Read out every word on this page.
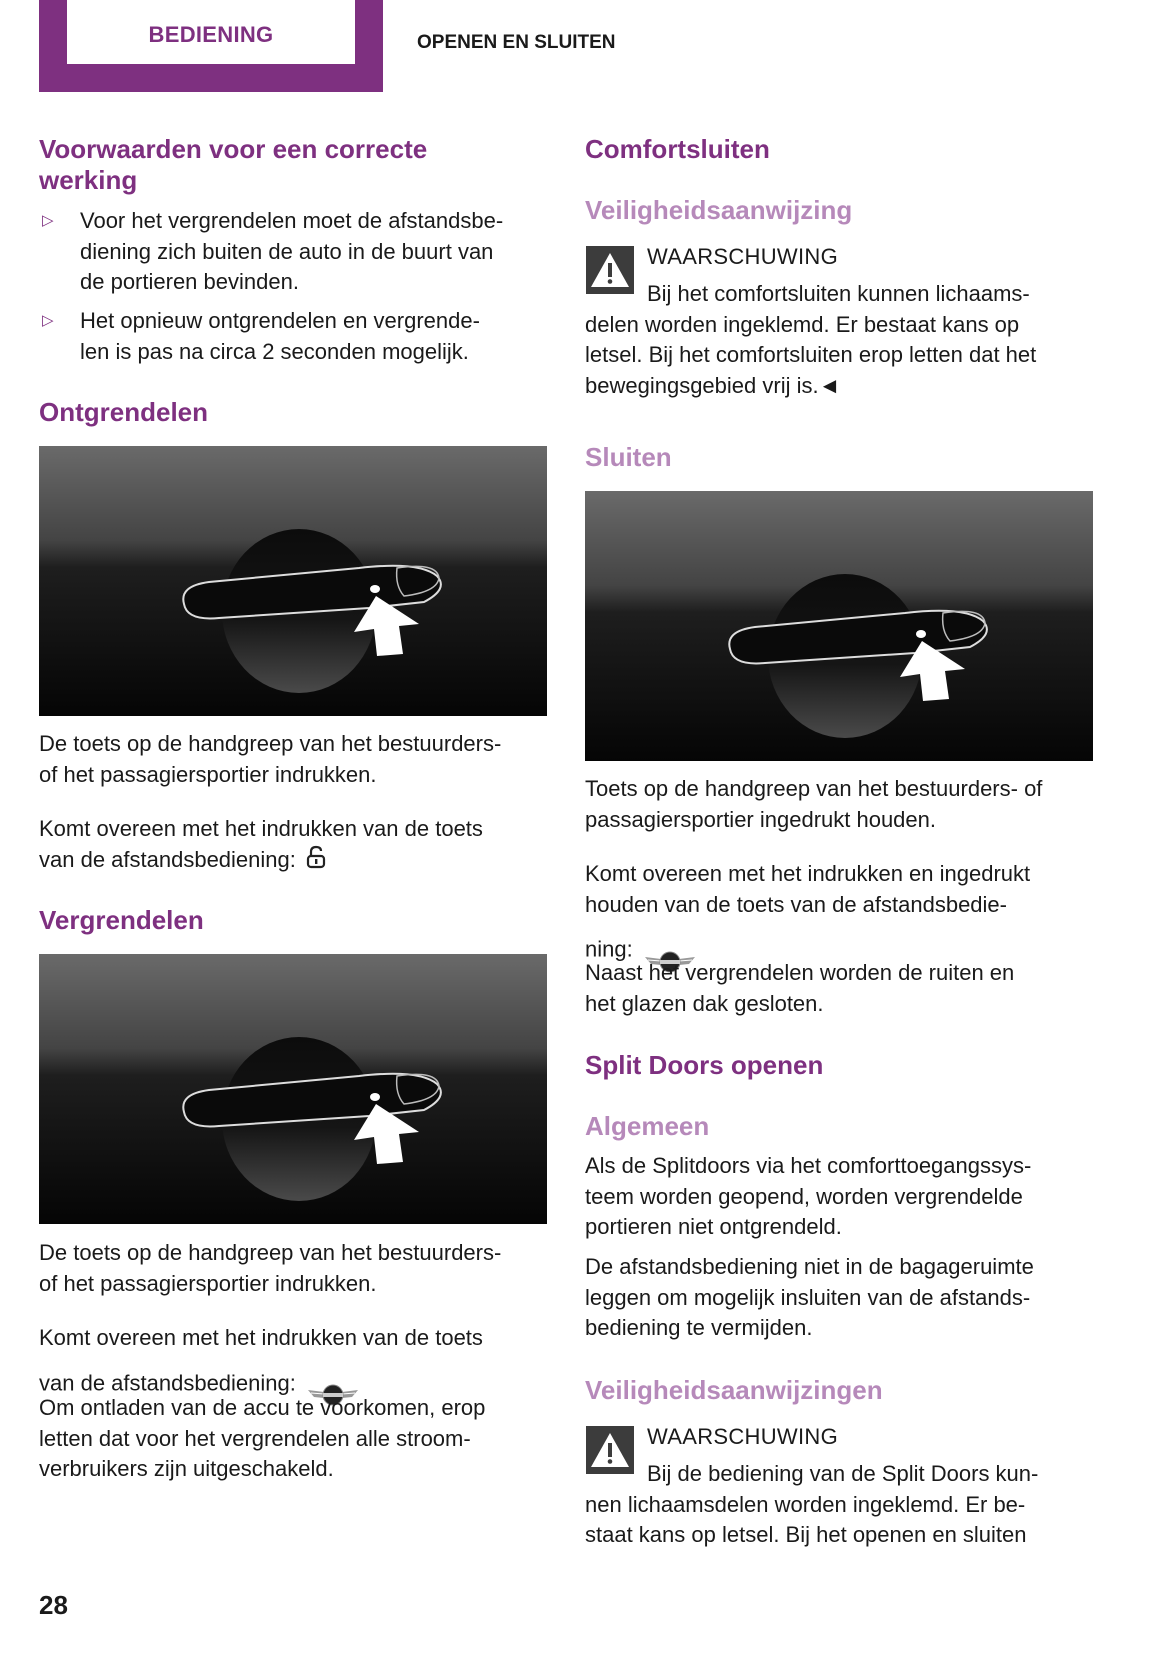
BEDIENING	OPENEN EN SLUITEN
Voorwaarden voor een correcte
werking
▷ Voor het vergrendelen moet de afstandsbe-
diening zich buiten de auto in de buurt van
de portieren bevinden.
▷ Het opnieuw ontgrendelen en vergrende-
len is pas na circa 2 seconden mogelijk.
Ontgrendelen
De toets op de handgreep van het bestuurders-
of het passagiersportier indrukken.
Komt overeen met het indrukken van de toets
van de afstandsbediening:
Vergrendelen
De toets op de handgreep van het bestuurders-
of het passagiersportier indrukken.
Komt overeen met het indrukken van de toets
van de afstandsbediening:

Om ontladen van de accu te voorkomen, erop
letten dat voor het vergrendelen alle stroom-
verbruikers zijn uitgeschakeld.
28
Comfortsluiten
Veiligheidsaanwijzing
WAARSCHUWING
Bij het comfortsluiten kunnen lichaams-
delen worden ingeklemd. Er bestaat kans op
letsel. Bij het comfortsluiten erop letten dat het
bewegingsgebied vrij is.◄
Sluiten
Toets op de handgreep van het bestuurders- of
passagiersportier ingedrukt houden.
Komt overeen met het indrukken en ingedrukt
houden van de toets van de afstandsbedie-
ning:

Naast het vergrendelen worden de ruiten en
het glazen dak gesloten.
Split Doors openen
Algemeen
Als de Splitdoors via het comforttoegangssys-
teem worden geopend, worden vergrendelde
portieren niet ontgrendeld.
De afstandsbediening niet in de bagageruimte
leggen om mogelijk insluiten van de afstands-
bediening te vermijden.
Veiligheidsaanwijzingen
WAARSCHUWING
Bij de bediening van de Split Doors kun-
nen lichaamsdelen worden ingeklemd. Er be-
staat kans op letsel. Bij het openen en sluiten
